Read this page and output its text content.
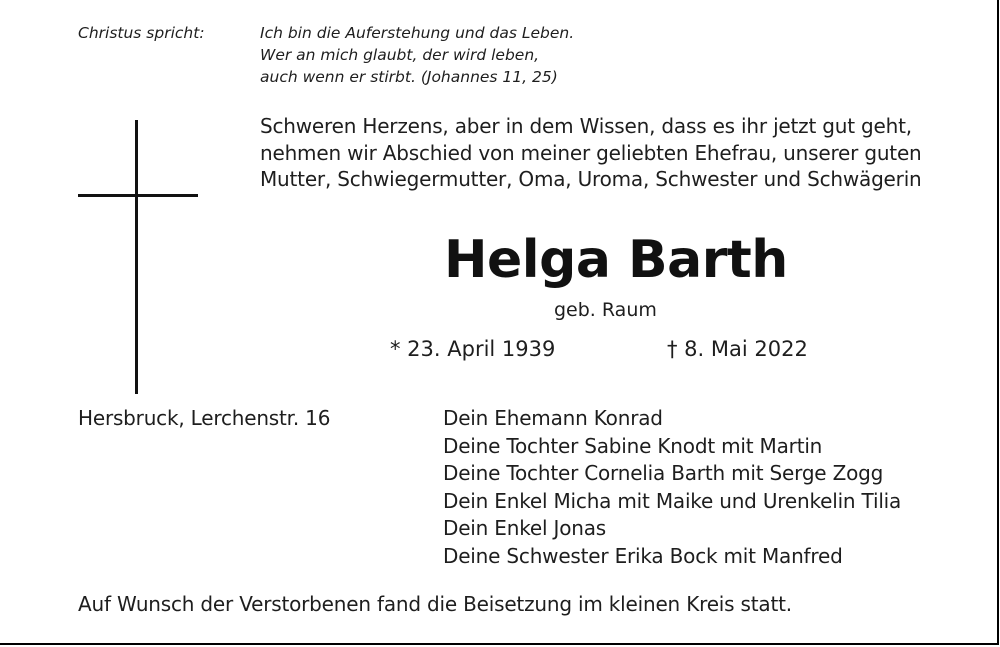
Christus spricht:	Ich bin die Auferstehung und das Leben.
Wer an mich glaubt, der wird leben,
auch wenn er stirbt. (Johannes 11, 25)
Schweren Herzens, aber in dem Wissen, dass es ihr jetzt gut geht,
nehmen wir Abschied von meiner geliebten Ehefrau, unserer guten
Mutter, Schwiegermutter, Oma, Uroma, Schwester und Schwägerin
Helga Barth
geb. Raum
* 23. April 1939	† 8. Mai 2022
Hersbruck, Lerchenstr. 16	Dein Ehemann Konrad
Deine Tochter Sabine Knodt mit Martin
Deine Tochter Cornelia Barth mit Serge Zogg
Dein Enkel Micha mit Maike und Urenkelin Tilia
Dein Enkel Jonas
Deine Schwester Erika Bock mit Manfred
Auf Wunsch der Verstorbenen fand die Beisetzung im kleinen Kreis statt.
